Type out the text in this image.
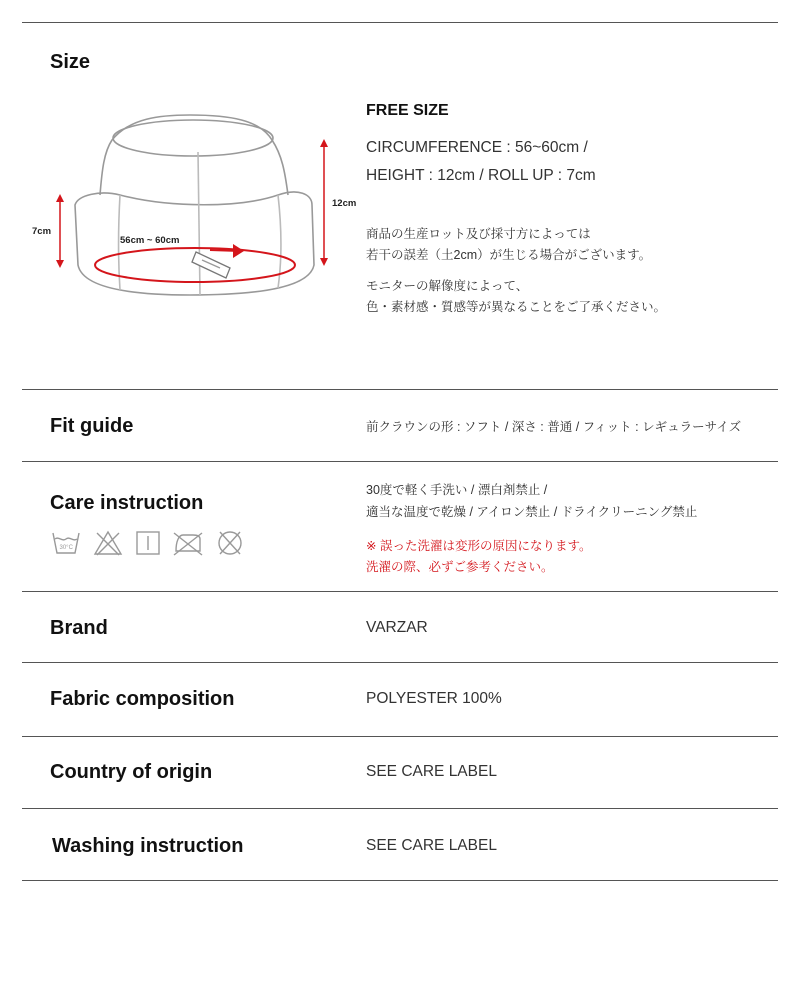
Size
56cm ~ 60cm
7cm
12cm
FREE SIZE
CIRCUMFERENCE : 56~60cm /
HEIGHT : 12cm / ROLL UP : 7cm
商品の生産ロット及び採寸方によっては
若干の誤差（土2cm）が生じる場合がございます。
モニターの解像度によって、
色・素材感・質感等が異なることをご了承ください。
Fit guide	前クラウンの形 : ソフト / 深さ : 普通 / フィット : レギュラーサイズ
Care instruction
30°C
30度で軽く手洗い / 漂白剤禁止 /
適当な温度で乾燥 / アイロン禁止 / ドライクリーニング禁止
※ 誤った洗濯は変形の原因になります。
洗濯の際、必ずご参考ください。
Brand	VARZAR
Fabric composition	POLYESTER 100%
Country of origin	SEE CARE LABEL
Washing instruction	SEE CARE LABEL
